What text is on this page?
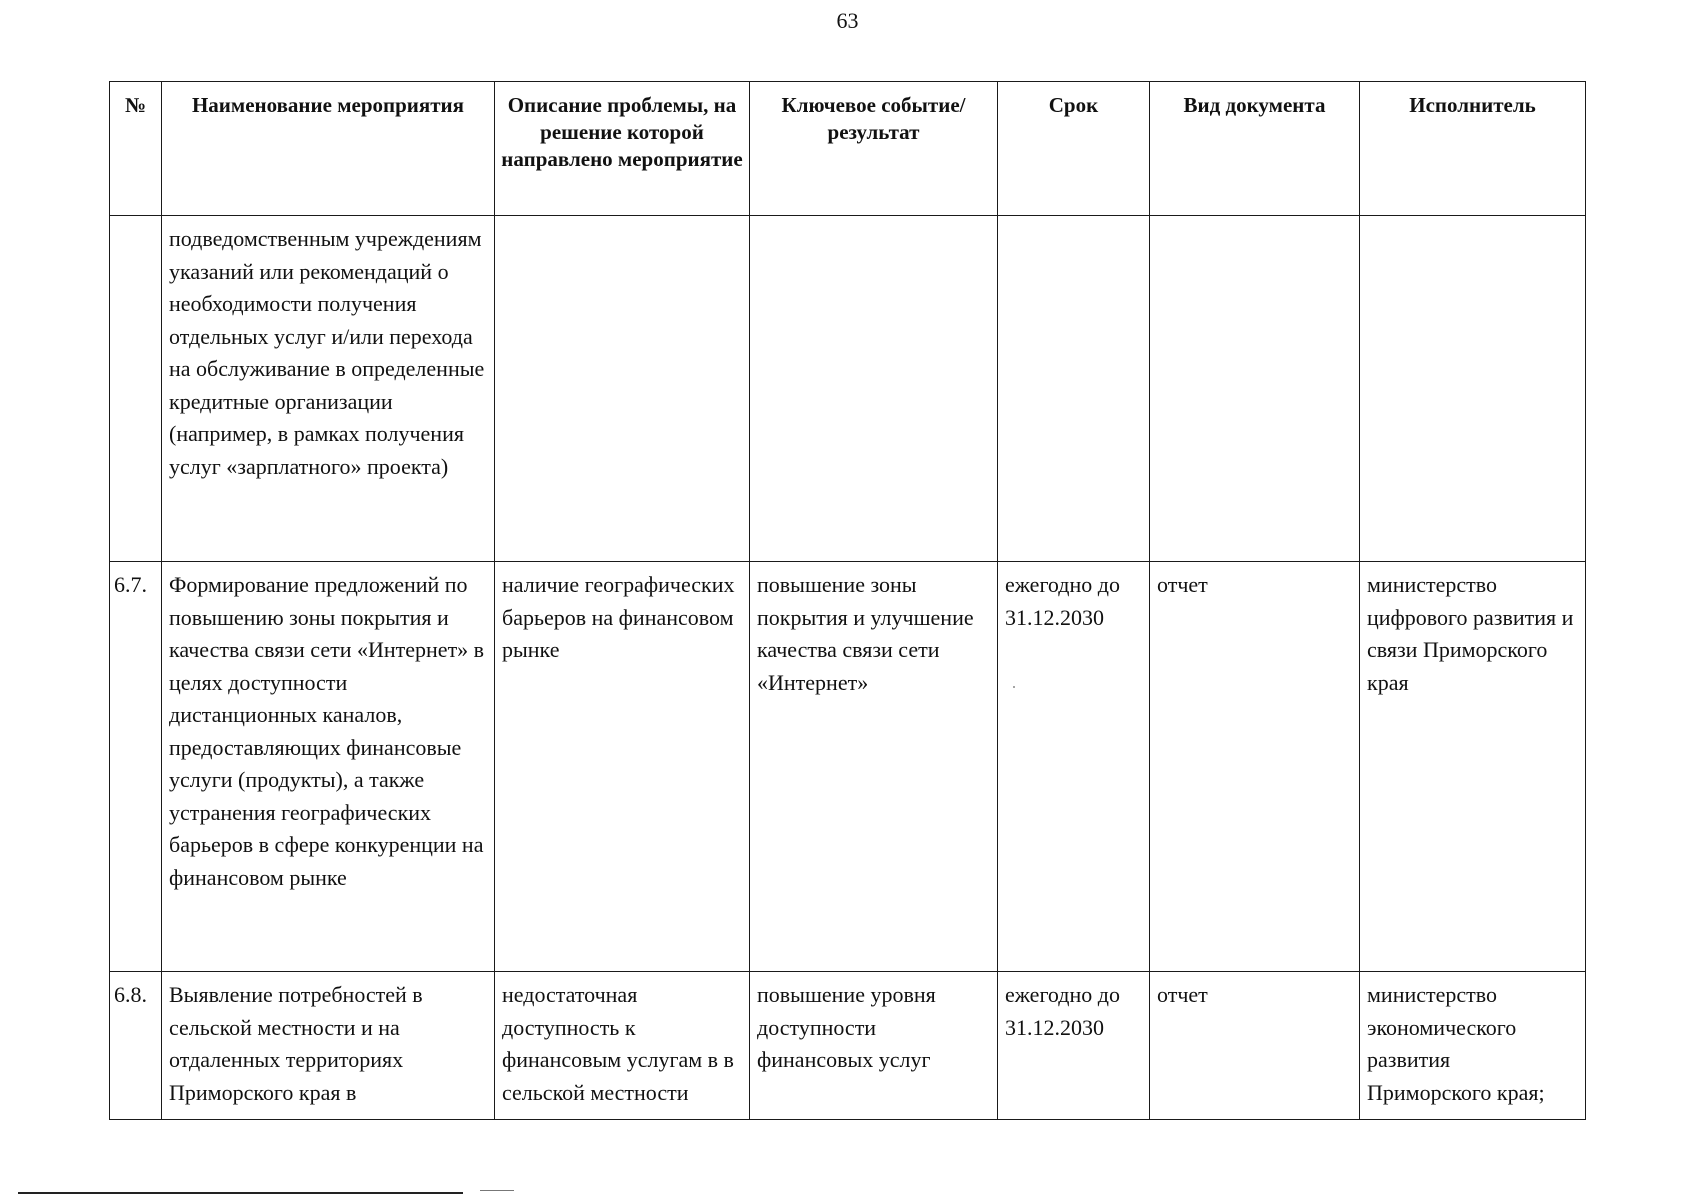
63
№	Наименование мероприятия	Описание проблемы, на решение которой направлено мероприятие	Ключевое событие/результат	Срок	Вид документа	Исполнитель
	подведомственным учреждениям указаний или рекомендаций о необходимости получения отдельных услуг и/или перехода на обслуживание в определенные кредитные организации (например, в рамках получения услуг «зарплатного» проекта)					
6.7.	Формирование предложений по повышению зоны покрытия и качества связи сети «Интернет» в целях доступности дистанционных каналов, предоставляющих финансовые услуги (продукты), а также устранения географических барьеров в сфере конкуренции на финансовом рынке	наличие географических барьеров на финансовом рынке	повышение зоны покрытия и улучшение качества связи сети «Интернет»	ежегодно до 31.12.2030	отчет	министерство цифрового развития и связи Приморского края
6.8.	Выявление потребностей в сельской местности и на отдаленных территориях Приморского края в	недостаточная доступность к финансовым услугам в в сельской местности	повышение уровня доступности финансовых услуг	ежегодно до 31.12.2030	отчет	министерство экономического развития Приморского края;
